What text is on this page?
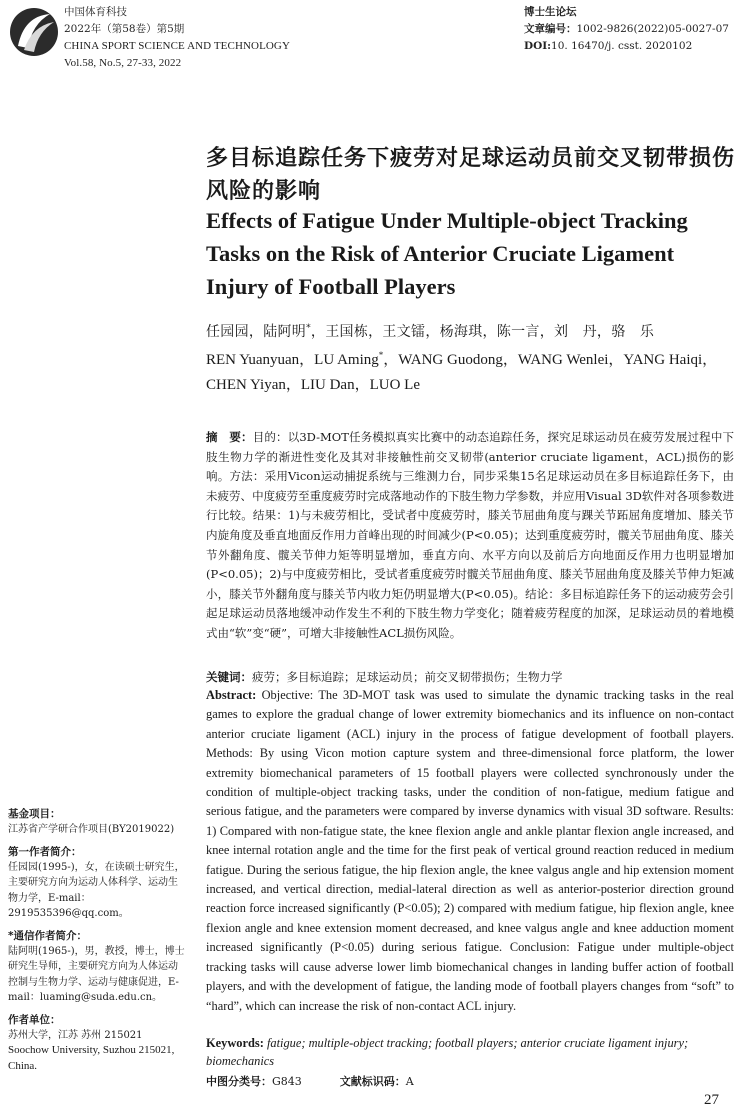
中国体育科技
2022年（第58卷）第5期
CHINA SPORT SCIENCE AND TECHNOLOGY
Vol.58, No.5, 27-33, 2022
博士生论坛
文章编号：1002-9826(2022)05-0027-07
DOI:10. 16470/j. csst. 2020102
多目标追踪任务下疲劳对足球运动员前交叉韧带损伤风险的影响
Effects of Fatigue Under Multiple-object Tracking Tasks on the Risk of Anterior Cruciate Ligament Injury of Football Players
任园园，陆阿明*，王国栋，王文镭，杨海琪，陈一言，刘　丹，骆　乐
REN Yuanyuan，LU Aming*，WANG Guodong，WANG Wenlei，YANG Haiqi，CHEN Yiyan，LIU Dan，LUO Le
摘　要：目的：以3D-MOT任务模拟真实比赛中的动态追踪任务，探究足球运动员在疲劳发展过程中下肢生物力学的渐进性变化及其对非接触性前交叉韧带(anterior cruciate ligament，ACL)损伤的影响。方法：采用Vicon运动捕捉系统与三维测力台，同步采集15名足球运动员在多目标追踪任务下，由未疲劳、中度疲劳至重度疲劳时完成落地动作的下肢生物力学参数，并应用Visual 3D软件对各项参数进行比较。结果：1)与未疲劳相比，受试者中度疲劳时，膝关节屈曲角度与踝关节跖屈角度增加、膝关节内旋角度及垂直地面反作用力首峰出现的时间减少(P<0.05)；达到重度疲劳时，髋关节屈曲角度、膝关节外翻角度、髋关节伸力矩等明显增加，垂直方向、水平方向以及前后方向地面反作用力也明显增加(P<0.05)；2)与中度疲劳相比，受试者重度疲劳时髋关节屈曲角度、膝关节屈曲角度及膝关节伸力矩减小，膝关节外翻角度与膝关节内收力矩仍明显增大(P<0.05)。结论：多目标追踪任务下的运动疲劳会引起足球运动员落地缓冲动作发生不利的下肢生物力学变化；随着疲劳程度的加深，足球运动员的着地模式由“软”变“硬”，可增大非接触性ACL损伤风险。
关键词：疲劳；多目标追踪；足球运动员；前交叉韧带损伤；生物力学
Abstract: Objective: The 3D-MOT task was used to simulate the dynamic tracking tasks in the real games to explore the gradual change of lower extremity biomechanics and its influence on non-contact anterior cruciate ligament (ACL) injury in the process of fatigue development of football players. Methods: By using Vicon motion capture system and three-dimensional force platform, the lower extremity biomechanical parameters of 15 football players were collected synchronously under the condition of multiple-object tracking tasks, under the condition of non-fatigue, medium fatigue and serious fatigue, and the parameters were compared by inverse dynamics with visual 3D software. Results: 1) Compared with non-fatigue state, the knee flexion angle and ankle plantar flexion angle increased, and knee internal rotation angle and the time for the first peak of vertical ground reaction reduced in medium fatigue. During the serious fatigue, the hip flexion angle, the knee valgus angle and hip extension moment increased, and vertical direction, medial-lateral direction as well as anterior-posterior direction ground reaction force increased significantly (P<0.05); 2) compared with medium fatigue, hip flexion angle, knee flexion angle and knee extension moment decreased, and knee valgus angle and knee adduction moment increased significantly (P<0.05) during serious fatigue. Conclusion: Fatigue under multiple-object tracking tasks will cause adverse lower limb biomechanical changes in landing buffer action of football players, and with the development of fatigue, the landing mode of football players changes from “soft” to “hard”, which can increase the risk of non-contact ACL injury.
Keywords: fatigue; multiple-object tracking; football players; anterior cruciate ligament injury; biomechanics
中图分类号：G843	文献标识码：A
基金项目：
江苏省产学研合作项目(BY2019022)
第一作者简介：
任园园(1995-)，女，在读硕士研究生，主要研究方向为运动人体科学、运动生物力学，E-mail：2919535396@qq.com。
*通信作者简介：
陆阿明(1965-)，男，教授，博士，博士研究生导师，主要研究方向为人体运动控制与生物力学、运动与健康促进，E-mail：luaming@suda.edu.cn。
作者单位：
苏州大学，江苏 苏州 215021
Soochow University, Suzhou 215021, China.
27
